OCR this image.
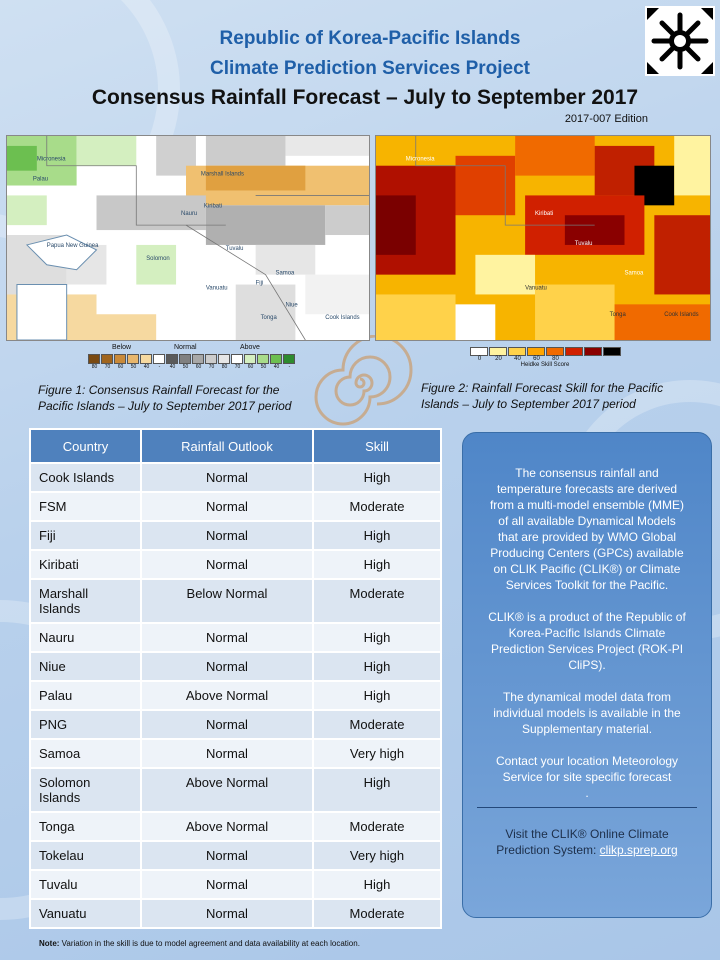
Republic of Korea-Pacific Islands
Climate Prediction Services Project
Consensus Rainfall Forecast – July to September 2017
2017-007 Edition
Micronesia
Palau
Marshall Islands
Kiribati
Nauru
Papua New Guinea
Solomon
Tuvalu
Vanuatu
Fiji
Samoa
Niue
Tonga	Cook Islands
Micronesia
Kiribati
Tuvalu
Vanuatu
Samoa
Tonga	Cook Islands
Below	Normal	Above
80	70	60	50	40	-	40	50	60	70	80	70	60	50	40	-
0	20	40	60	80
Heidke Skill Score
Figure 1: Consensus Rainfall Forecast for the Pacific Islands – July to September 2017 period
Figure 2: Rainfall Forecast Skill for the Pacific Islands – July to September 2017 period
Country	Rainfall Outlook	Skill
Cook Islands	Normal	High
FSM	Normal	Moderate
Fiji	Normal	High
Kiribati	Normal	High
Marshall Islands	Below Normal	Moderate
Nauru	Normal	High
Niue	Normal	High
Palau	Above Normal	High
PNG	Normal	Moderate
Samoa	Normal	Very high
Solomon Islands	Above Normal	High
Tonga	Above Normal	Moderate
Tokelau	Normal	Very high
Tuvalu	Normal	High
Vanuatu	Normal	Moderate
Note: Variation in the skill is due to model agreement and data availability at each location.

The consensus rainfall and temperature forecasts are derived from a multi-model ensemble (MME) of all available Dynamical Models that are provided by WMO Global Producing Centers (GPCs) available on CLIK Pacific (CLIK®) or Climate Services Toolkit for the Pacific.

CLIK® is a product of the Republic of Korea-Pacific Islands Climate Prediction Services Project (ROK-PI CliPS).

The dynamical model data from individual models is available in the Supplementary material.

Contact your location Meteorology Service for site specific forecast
.

Visit the CLIK® Online Climate Prediction System: clikp.sprep.org
